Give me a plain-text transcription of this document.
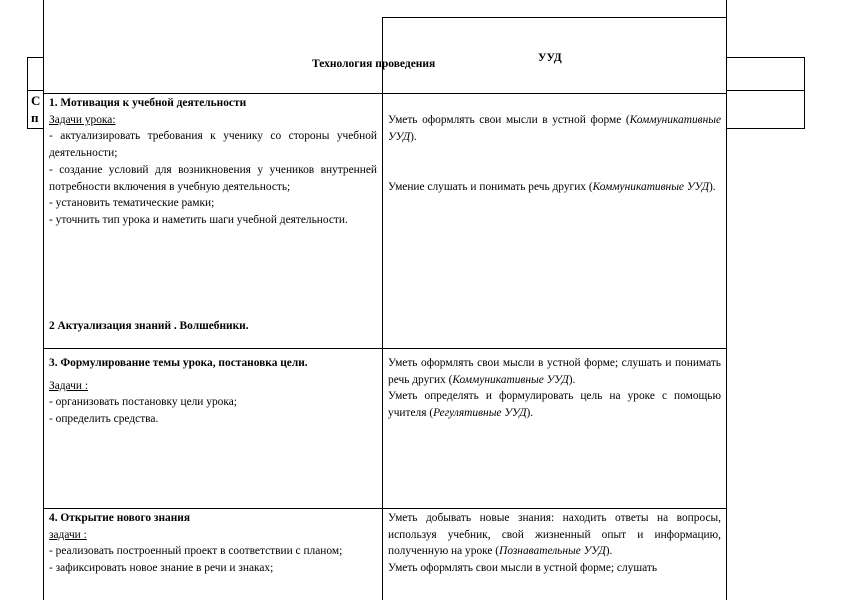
С
п
Технология проведения	УУД

1. Мотивация к учебной деятельности

Задачи урока:

- актуализировать требования к ученику со стороны учебной деятельности;

- создание условий для возникновения у учеников внутренней потребности включения в учебную деятельность;

- установить тематические рамки;

- уточнить тип урока и наметить шаги учебной деятельности.

2 Актуализация знаний . Волшебники.

Уметь оформлять свои мысли в устной форме (Коммуникативные УУД).

Умение слушать и понимать речь других (Коммуникативные УУД).

3. Формулирование темы урока, постановка цели.

Задачи :

- организовать постановку цели урока;

- определить средства.

Уметь оформлять свои мысли в устной форме; слушать и понимать речь других (Коммуникативные УУД).

Уметь определять и формулировать цель на уроке с помощью учителя (Регулятивные УУД).

4. Открытие нового знания

задачи :

- реализовать построенный проект в соответствии с планом;

- зафиксировать новое знание в речи и знаках;

Уметь добывать новые знания: находить ответы на вопросы, используя учебник, свой жизненный опыт и информацию, полученную на уроке (Познавательные УУД).

Уметь оформлять свои мысли в устной форме; слушать
